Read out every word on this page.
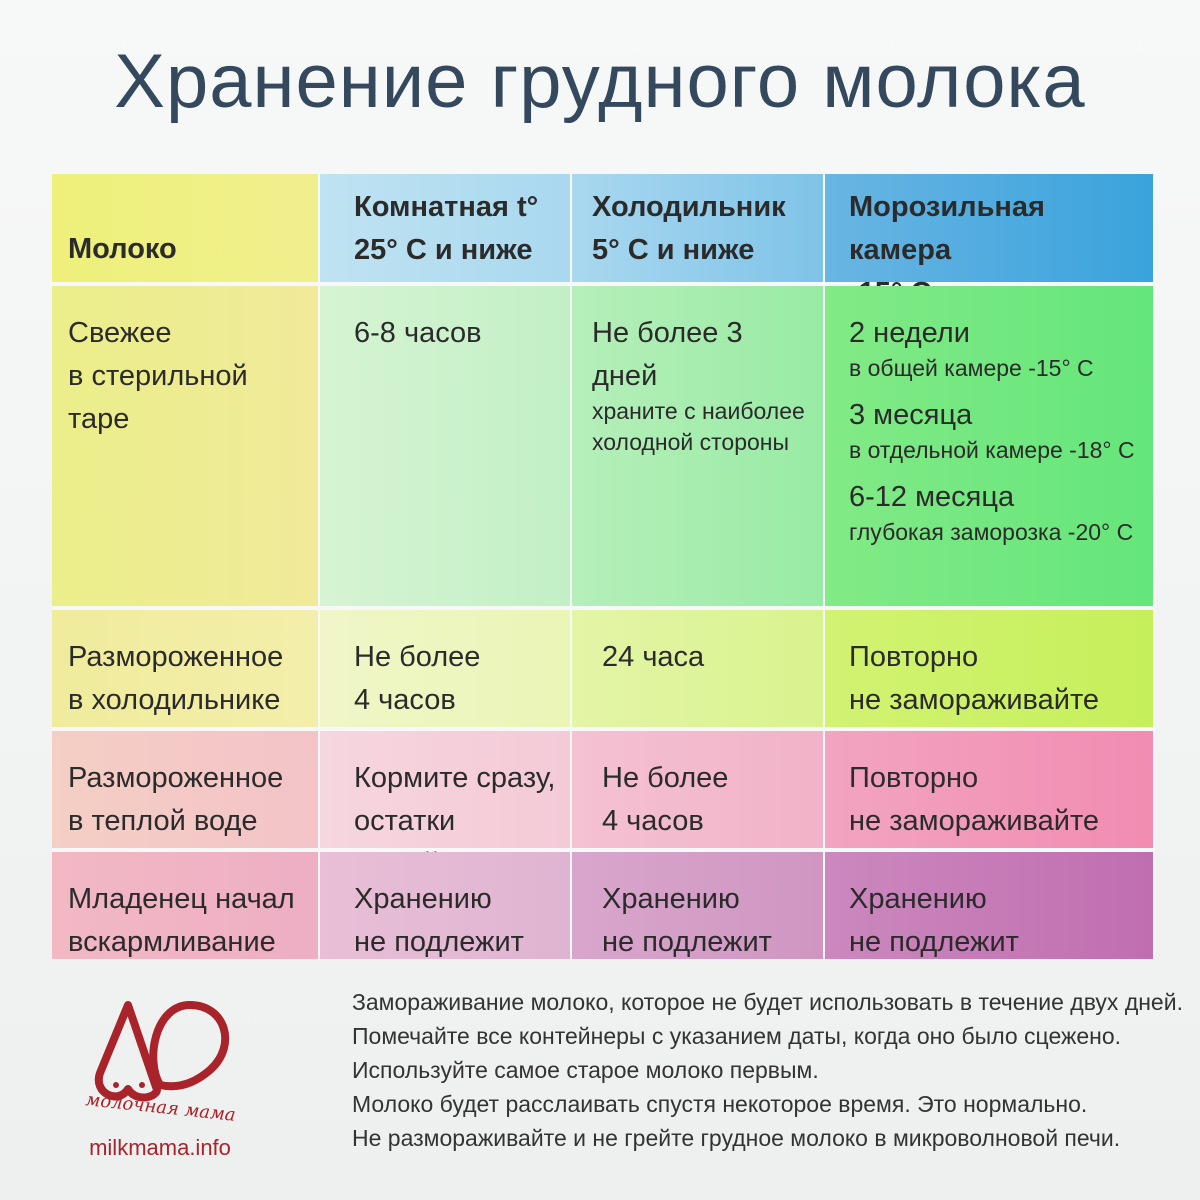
Хранение грудного молока
Молоко
Комнатная t°
25° С и ниже
Холодильник
5° С и ниже
Морозильная камера

Свежее
в стерильной таре
6-8 часов	Не более 3 дней
храните с наиболее
холодной стороны
2 недели
в общей камере -15° С
3 месяца
в отдельной камере -18° С
6-12 месяца
глубокая заморозка -20° С
Размороженное
в холодильнике
Не более
4 часов
24 часа	Повторно
не замораживайте
Размороженное
в теплой воде
Кормите сразу,
остатки
Не более
4 часов
Повторно
не замораживайте
Младенец начал
вскармливание
Хранению
не подлежит
Хранению
не подлежит
Хранению
не подлежит
молочная мама
milkmama.info
Замораживание молоко, которое не будет использовать в течение двух дней.
Помечайте все контейнеры с указанием даты, когда оно было сцежено.
Используйте самое старое молоко первым.
Молоко будет расслаивать спустя некоторое время. Это нормально.
Не размораживайте и не грейте грудное молоко в микроволновой печи.
